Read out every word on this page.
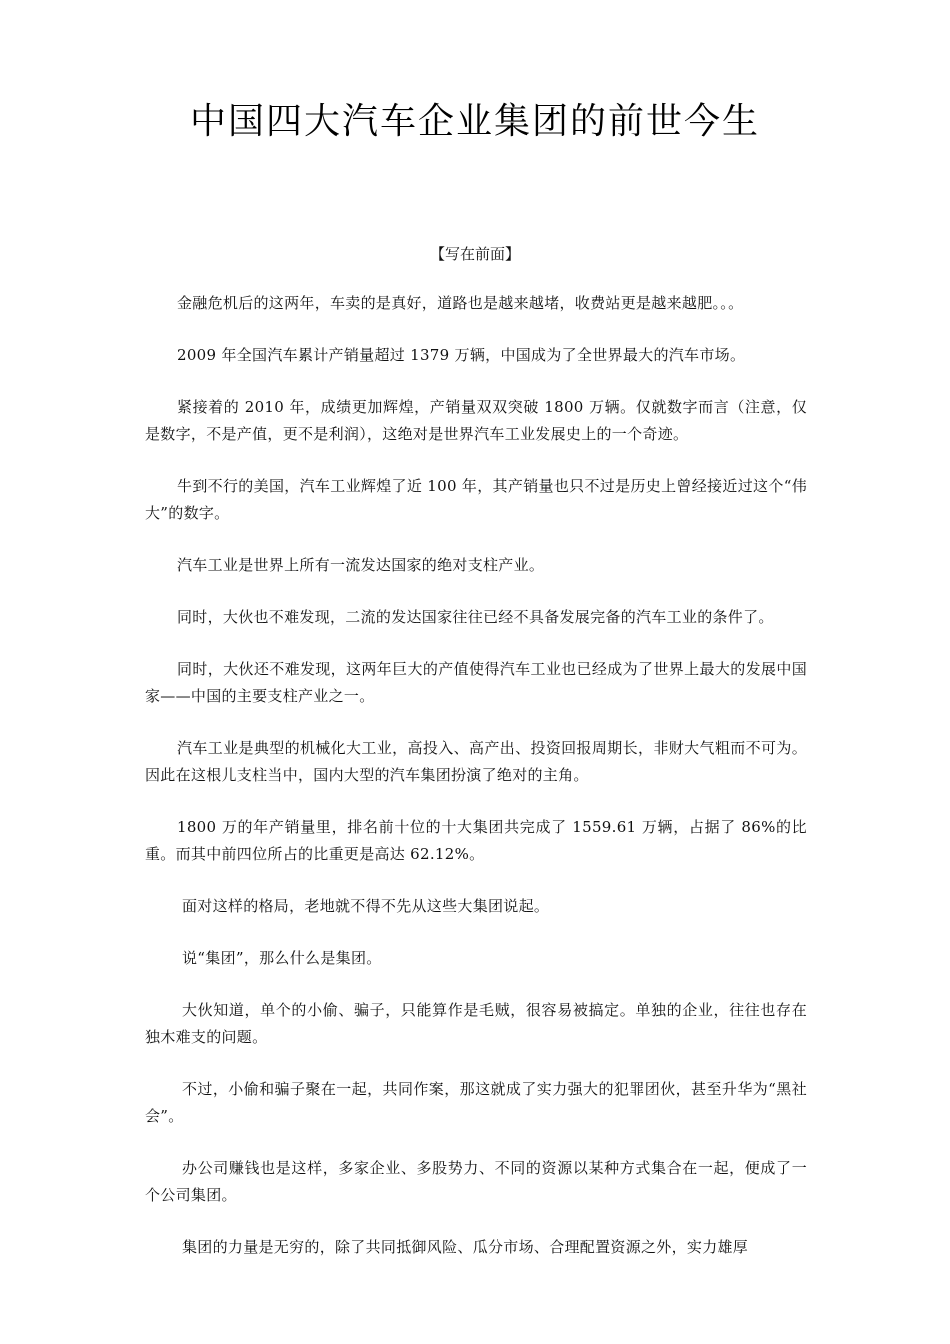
中国四大汽车企业集团的前世今生
【写在前面】

金融危机后的这两年，车卖的是真好，道路也是越来越堵，收费站更是越来越肥。。。

2009 年全国汽车累计产销量超过 1379 万辆，中国成为了全世界最大的汽车市场。

紧接着的 2010 年，成绩更加辉煌，产销量双双突破 1800 万辆。仅就数字而言（注意，仅是数字，不是产值，更不是利润），这绝对是世界汽车工业发展史上的一个奇迹。

牛到不行的美国，汽车工业辉煌了近 100 年，其产销量也只不过是历史上曾经接近过这个“伟大”的数字。

汽车工业是世界上所有一流发达国家的绝对支柱产业。

同时，大伙也不难发现，二流的发达国家往往已经不具备发展完备的汽车工业的条件了。

同时，大伙还不难发现，这两年巨大的产值使得汽车工业也已经成为了世界上最大的发展中国家——中国的主要支柱产业之一。

汽车工业是典型的机械化大工业，高投入、高产出、投资回报周期长，非财大气粗而不可为。因此在这根儿支柱当中，国内大型的汽车集团扮演了绝对的主角。

1800 万的年产销量里，排名前十位的十大集团共完成了 1559.61 万辆，占据了 86%的比重。而其中前四位所占的比重更是高达 62.12%。

面对这样的格局，老地就不得不先从这些大集团说起。

说“集团”，那么什么是集团。

大伙知道，单个的小偷、骗子，只能算作是毛贼，很容易被搞定。单独的企业，往往也存在独木难支的问题。

不过，小偷和骗子聚在一起，共同作案，那这就成了实力强大的犯罪团伙，甚至升华为“黑社会”。

办公司赚钱也是这样，多家企业、多股势力、不同的资源以某种方式集合在一起，便成了一个公司集团。

集团的力量是无穷的，除了共同抵御风险、瓜分市场、合理配置资源之外，实力雄厚
